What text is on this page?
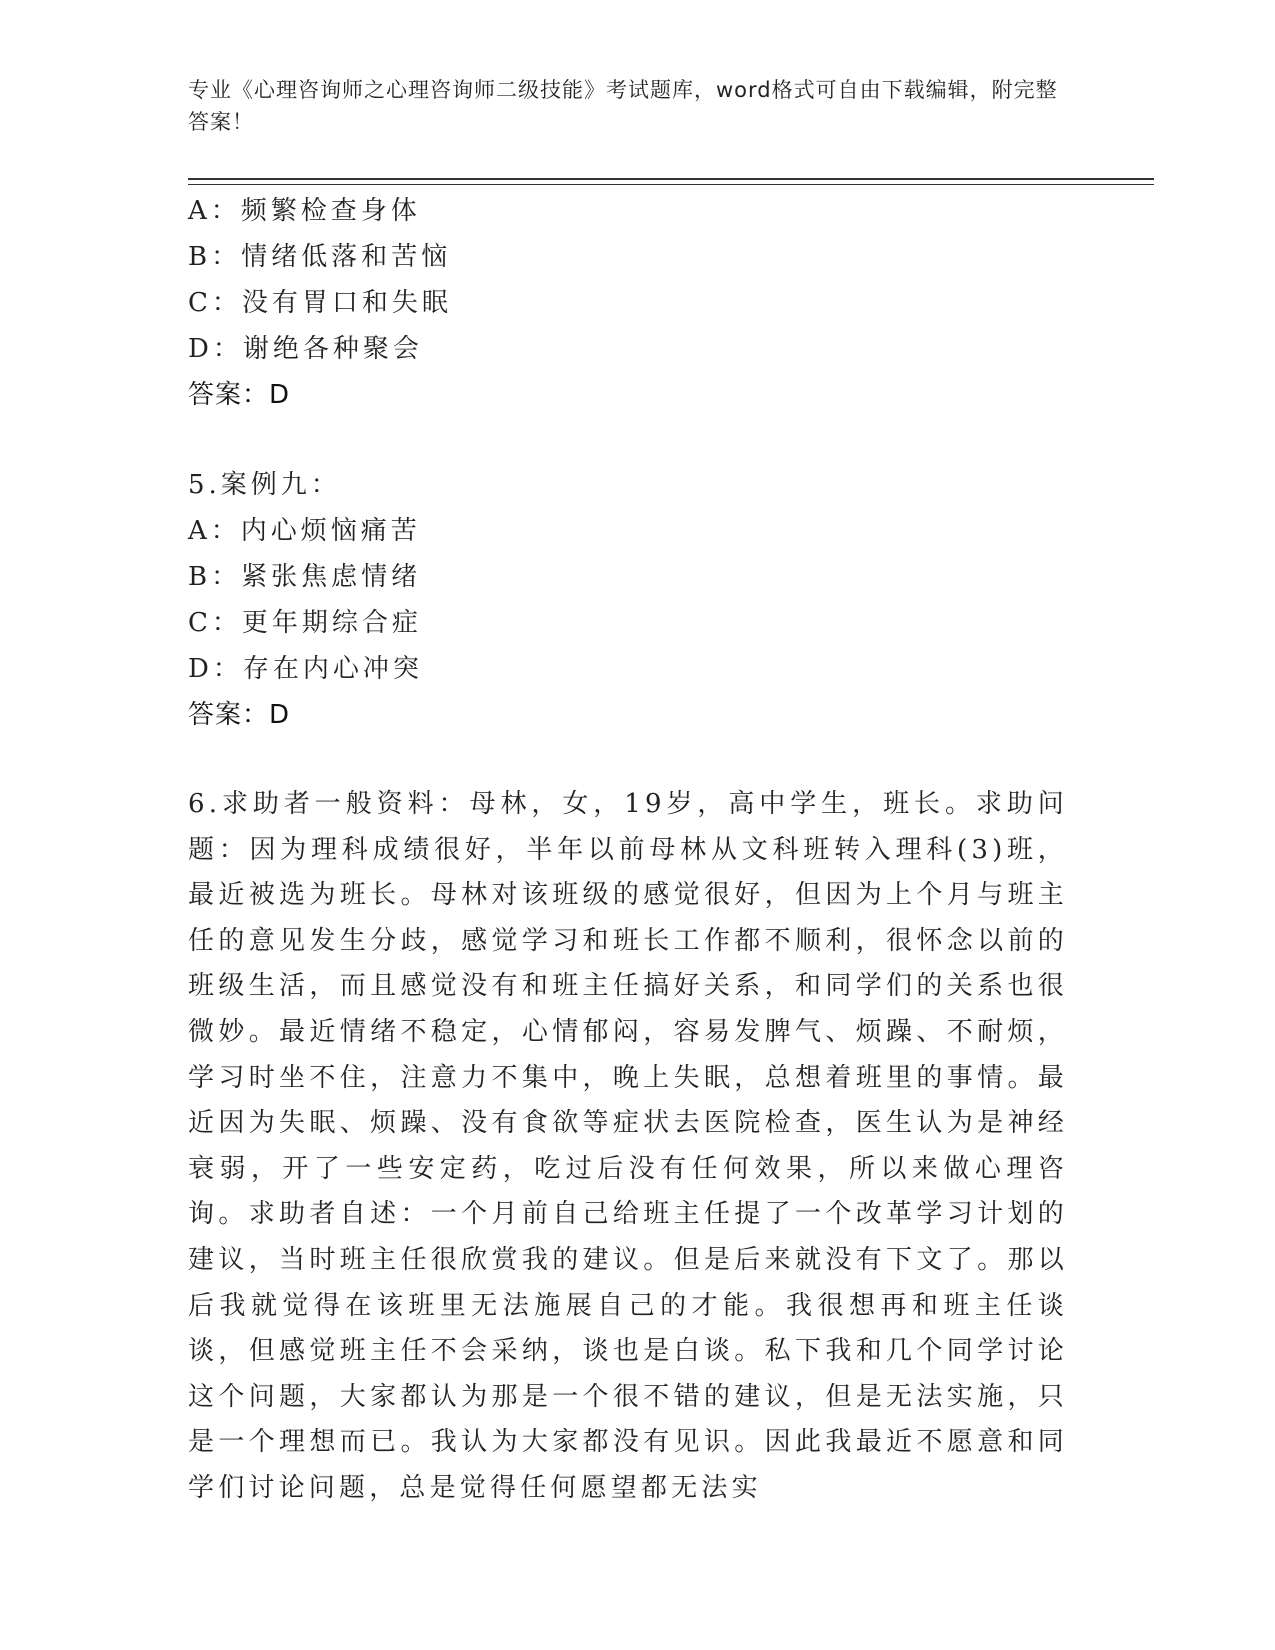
专业《心理咨询师之心理咨询师二级技能》考试题库，word格式可自由下载编辑，附完整答案！
A：频繁检查身体
B：情绪低落和苦恼
C：没有胃口和失眠
D：谢绝各种聚会
答案：D
5.案例九：
A：内心烦恼痛苦
B：紧张焦虑情绪
C：更年期综合症
D：存在内心冲突
答案：D
6.求助者一般资料：母林，女，19岁，高中学生，班长。求助问题：因为理科成绩很好，半年以前母林从文科班转入理科(3)班，最近被选为班长。母林对该班级的感觉很好，但因为上个月与班主任的意见发生分歧，感觉学习和班长工作都不顺利，很怀念以前的班级生活，而且感觉没有和班主任搞好关系，和同学们的关系也很微妙。最近情绪不稳定，心情郁闷，容易发脾气、烦躁、不耐烦，学习时坐不住，注意力不集中，晚上失眠，总想着班里的事情。最近因为失眠、烦躁、没有食欲等症状去医院检查，医生认为是神经衰弱，开了一些安定药，吃过后没有任何效果，所以来做心理咨询。求助者自述：一个月前自己给班主任提了一个改革学习计划的建议，当时班主任很欣赏我的建议。但是后来就没有下文了。那以后我就觉得在该班里无法施展自己的才能。我很想再和班主任谈谈，但感觉班主任不会采纳，谈也是白谈。私下我和几个同学讨论这个问题，大家都认为那是一个很不错的建议，但是无法实施，只是一个理想而已。我认为大家都没有见识。因此我最近不愿意和同学们讨论问题，总是觉得任何愿望都无法实
